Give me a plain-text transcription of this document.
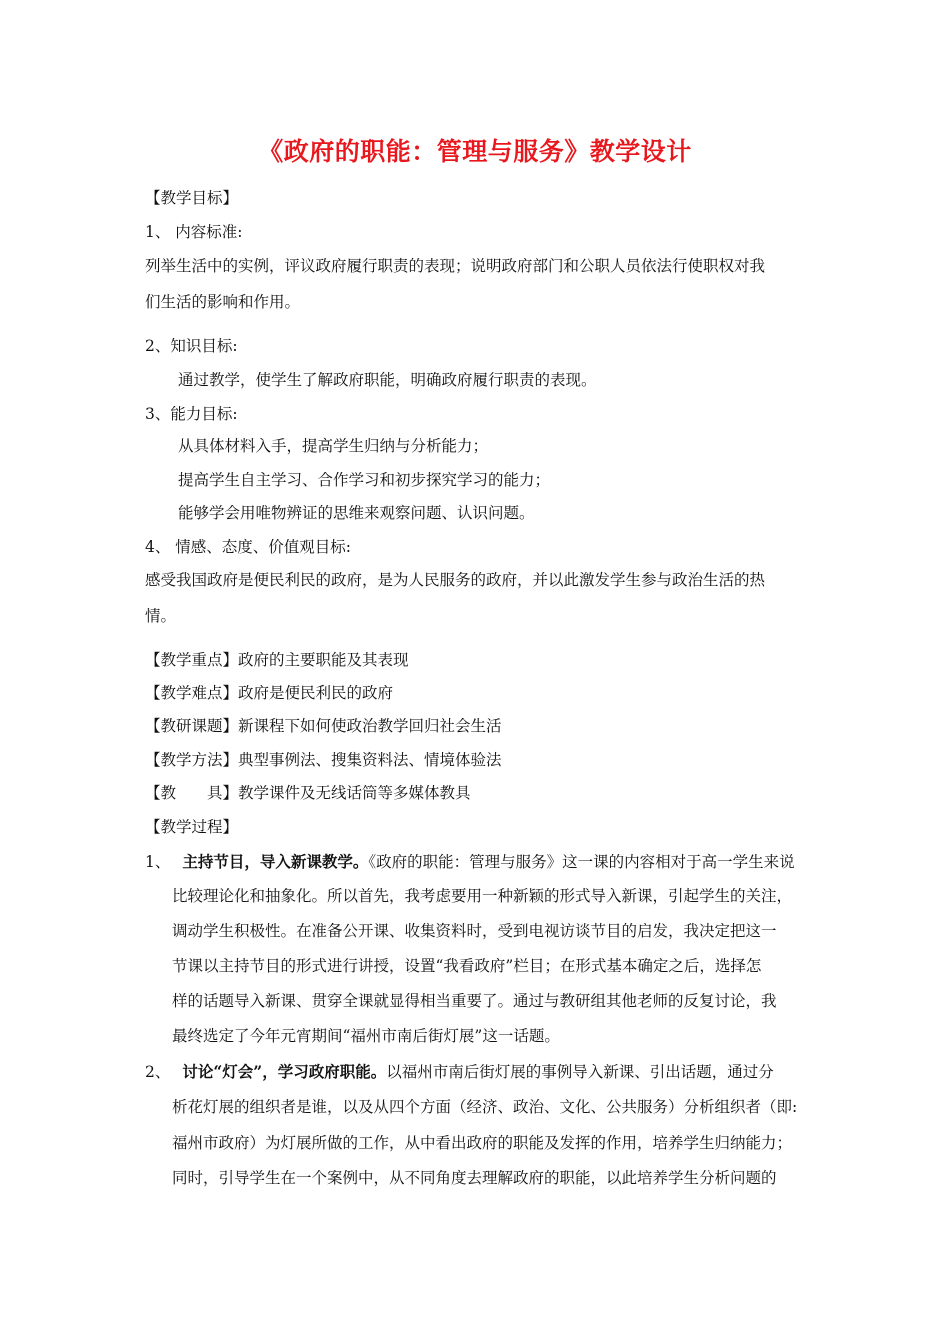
《政府的职能：管理与服务》教学设计
【教学目标】
1、 内容标准:
列举生活中的实例，评议政府履行职责的表现；说明政府部门和公职人员依法行使职权对我
们生活的影响和作用。
2、知识目标:
通过教学，使学生了解政府职能，明确政府履行职责的表现。
3、能力目标:
从具体材料入手，提高学生归纳与分析能力；
提高学生自主学习、合作学习和初步探究学习的能力；
能够学会用唯物辨证的思维来观察问题、认识问题。
4、 情感、态度、价值观目标:
感受我国政府是便民利民的政府，是为人民服务的政府，并以此激发学生参与政治生活的热
情。
【教学重点】政府的主要职能及其表现
【教学难点】政府是便民利民的政府
【教研课题】新课程下如何使政治教学回归社会生活
【教学方法】典型事例法、搜集资料法、情境体验法
【教　　具】教学课件及无线话筒等多媒体教具
【教学过程】
1、 主持节目，导入新课教学。《政府的职能：管理与服务》这一课的内容相对于高一学生来说
比较理论化和抽象化。所以首先，我考虑要用一种新颖的形式导入新课，引起学生的关注，
调动学生积极性。在准备公开课、收集资料时，受到电视访谈节目的启发，我决定把这一
节课以主持节目的形式进行讲授，设置“我看政府”栏目；在形式基本确定之后，选择怎
样的话题导入新课、贯穿全课就显得相当重要了。通过与教研组其他老师的反复讨论，我
最终选定了今年元宵期间“福州市南后街灯展”这一话题。
2、 讨论“灯会”，学习政府职能。以福州市南后街灯展的事例导入新课、引出话题，通过分
析花灯展的组织者是谁，以及从四个方面（经济、政治、文化、公共服务）分析组织者（即:
福州市政府）为灯展所做的工作，从中看出政府的职能及发挥的作用，培养学生归纳能力；
同时，引导学生在一个案例中，从不同角度去理解政府的职能，以此培养学生分析问题的
